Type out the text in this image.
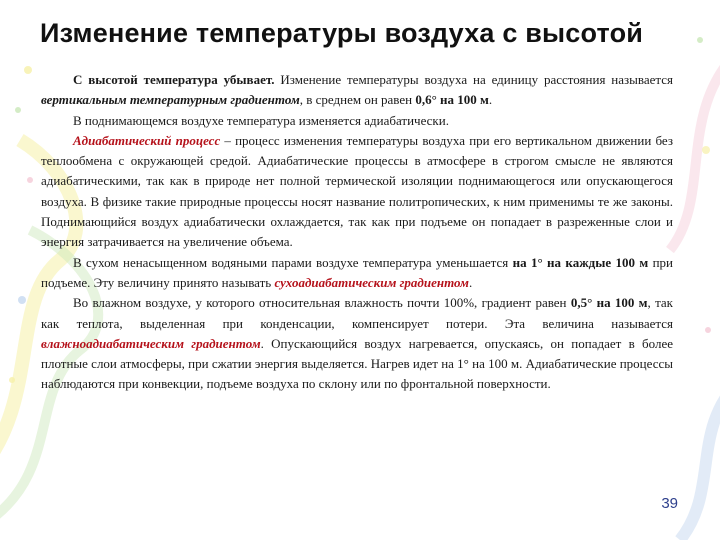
Изменение температуры воздуха с высотой

С высотой температура убывает. Изменение температуры воздуха на единицу расстояния называется вертикальным температурным градиентом, в среднем он равен 0,6° на 100 м.

В поднимающемся воздухе температура изменяется адиабатически.

Адиабатический процесс – процесс изменения температуры воздуха при его вертикальном движении без теплообмена с окружающей средой. Адиабатические процессы в атмосфере в строгом смысле не являются адиабатическими, так как в природе нет полной термической изоляции поднимающегося или опускающегося воздуха. В физике такие природные процессы носят название политропических, к ним применимы те же законы. Поднимающийся воздух адиабатически охлаждается, так как при подъеме он попадает в разреженные слои и энергия затрачивается на увеличение объема.

В сухом ненасыщенном водяными парами воздухе температура уменьшается на 1° на каждые 100 м при подъеме. Эту величину принято называть сухоадиабатическим градиентом.

Во влажном воздухе, у которого относительная влажность почти 100%, градиент равен 0,5° на 100 м, так как теплота, выделенная при конденсации, компенсирует потери. Эта величина называется влажноадиабатическим градиентом. Опускающийся воздух нагревается, опускаясь, он попадает в более плотные слои атмосферы, при сжатии энергия выделяется. Нагрев идет на 1° на 100 м. Адиабатические процессы наблюдаются при конвекции, подъеме воздуха по склону или по фронтальной поверхности.

39
